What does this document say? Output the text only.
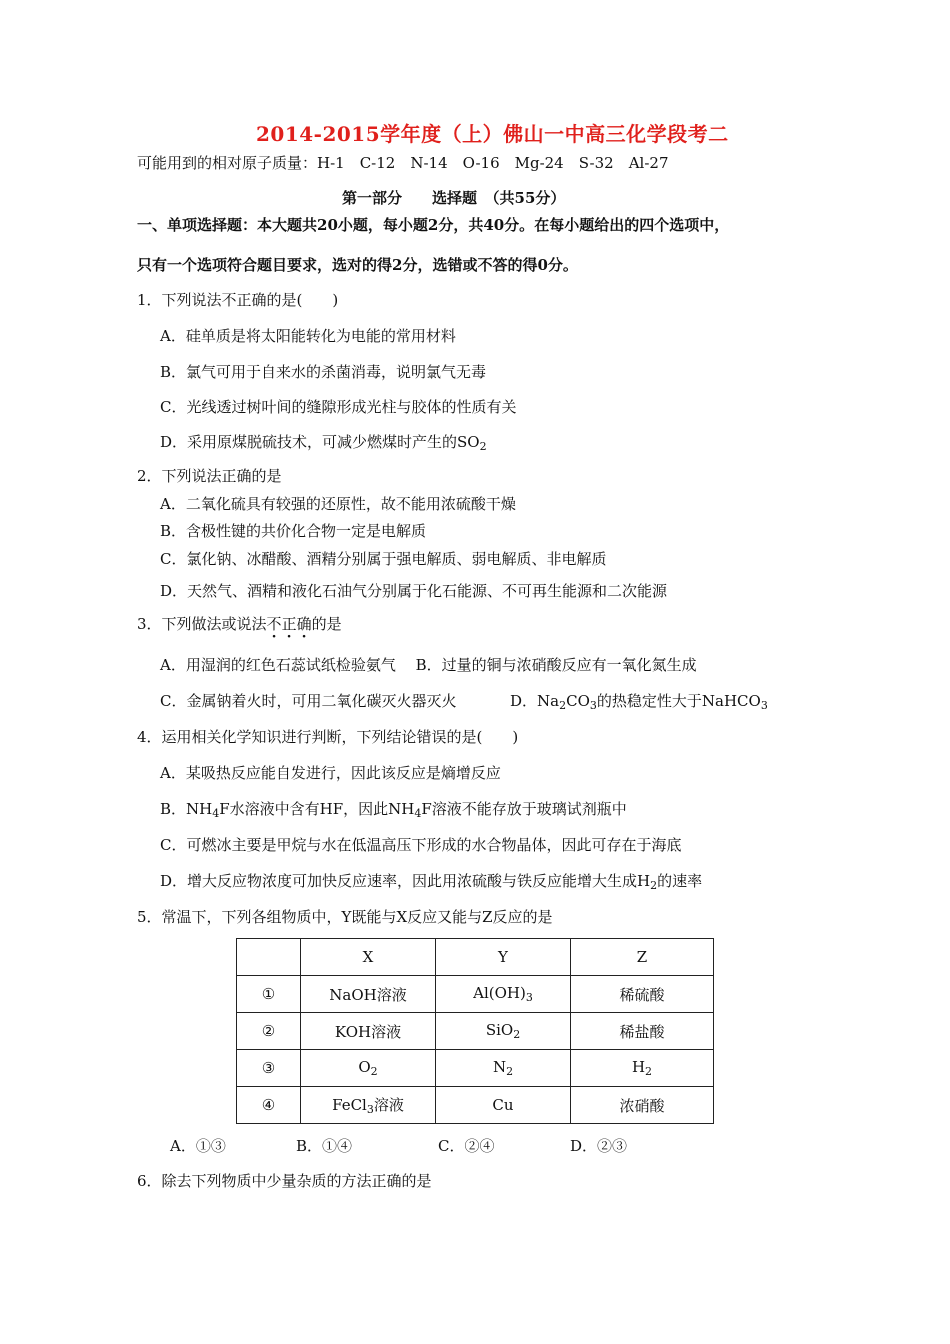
2014-2015学年度（上）佛山一中高三化学段考二
可能用到的相对原子质量：H-1　C-12　N-14　O-16　Mg-24　S-32　Al-27
第一部分　　选择题　（共55分）
一、单项选择题：本大题共20小题，每小题2分，共40分。在每小题给出的四个选项中，
只有一个选项符合题目要求，选对的得2分，选错或不答的得0分。
1．下列说法不正确的是(　　)
A．硅单质是将太阳能转化为电能的常用材料
B．氯气可用于自来水的杀菌消毒，说明氯气无毒
C．光线透过树叶间的缝隙形成光柱与胶体的性质有关
D．采用原煤脱硫技术，可减少燃煤时产生的$SO_2$
2．下列说法正确的是
A．二氧化硫具有较强的还原性，故不能用浓硫酸干燥
B．含极性键的共价化合物一定是电解质
C．氯化钠、冰醋酸、酒精分别属于强电解质、弱电解质、非电解质
D．天然气、酒精和液化石油气分别属于化石能源、不可再生能源和二次能源
3．下列做法或说法不正确的是
A．用湿润的红色石蕊试纸检验氨气　 B．过量的铜与浓硝酸反应有一氧化氮生成
C．金属钠着火时，可用二氧化碳灭火器灭火	D．$Na_2CO_3$的热稳定性大于NaHCO$_3$
4．运用相关化学知识进行判断，下列结论错误的是(　　)
A．某吸热反应能自发进行，因此该反应是熵增反应
B．$NH_4F$水溶液中含有HF，因此$NH_4F$溶液不能存放于玻璃试剂瓶中
C．可燃冰主要是甲烷与水在低温高压下形成的水合物晶体，因此可存在于海底
D．增大反应物浓度可加快反应速率，因此用浓硫酸与铁反应能增大生成$H_2$的速率
5．常温下，下列各组物质中，Y既能与X反应又能与Z反应的是
	X	Y	Z
①	NaOH溶液	$Al(OH)_3$	稀硫酸
②	KOH溶液	SiO$_2$	稀盐酸
③	$O_2$	$N_2$	$H_2$
④	FeCl$_3$溶液	Cu	浓硝酸
A．①③	B．①④	C．②④	D．②③
6．除去下列物质中少量杂质的方法正确的是
